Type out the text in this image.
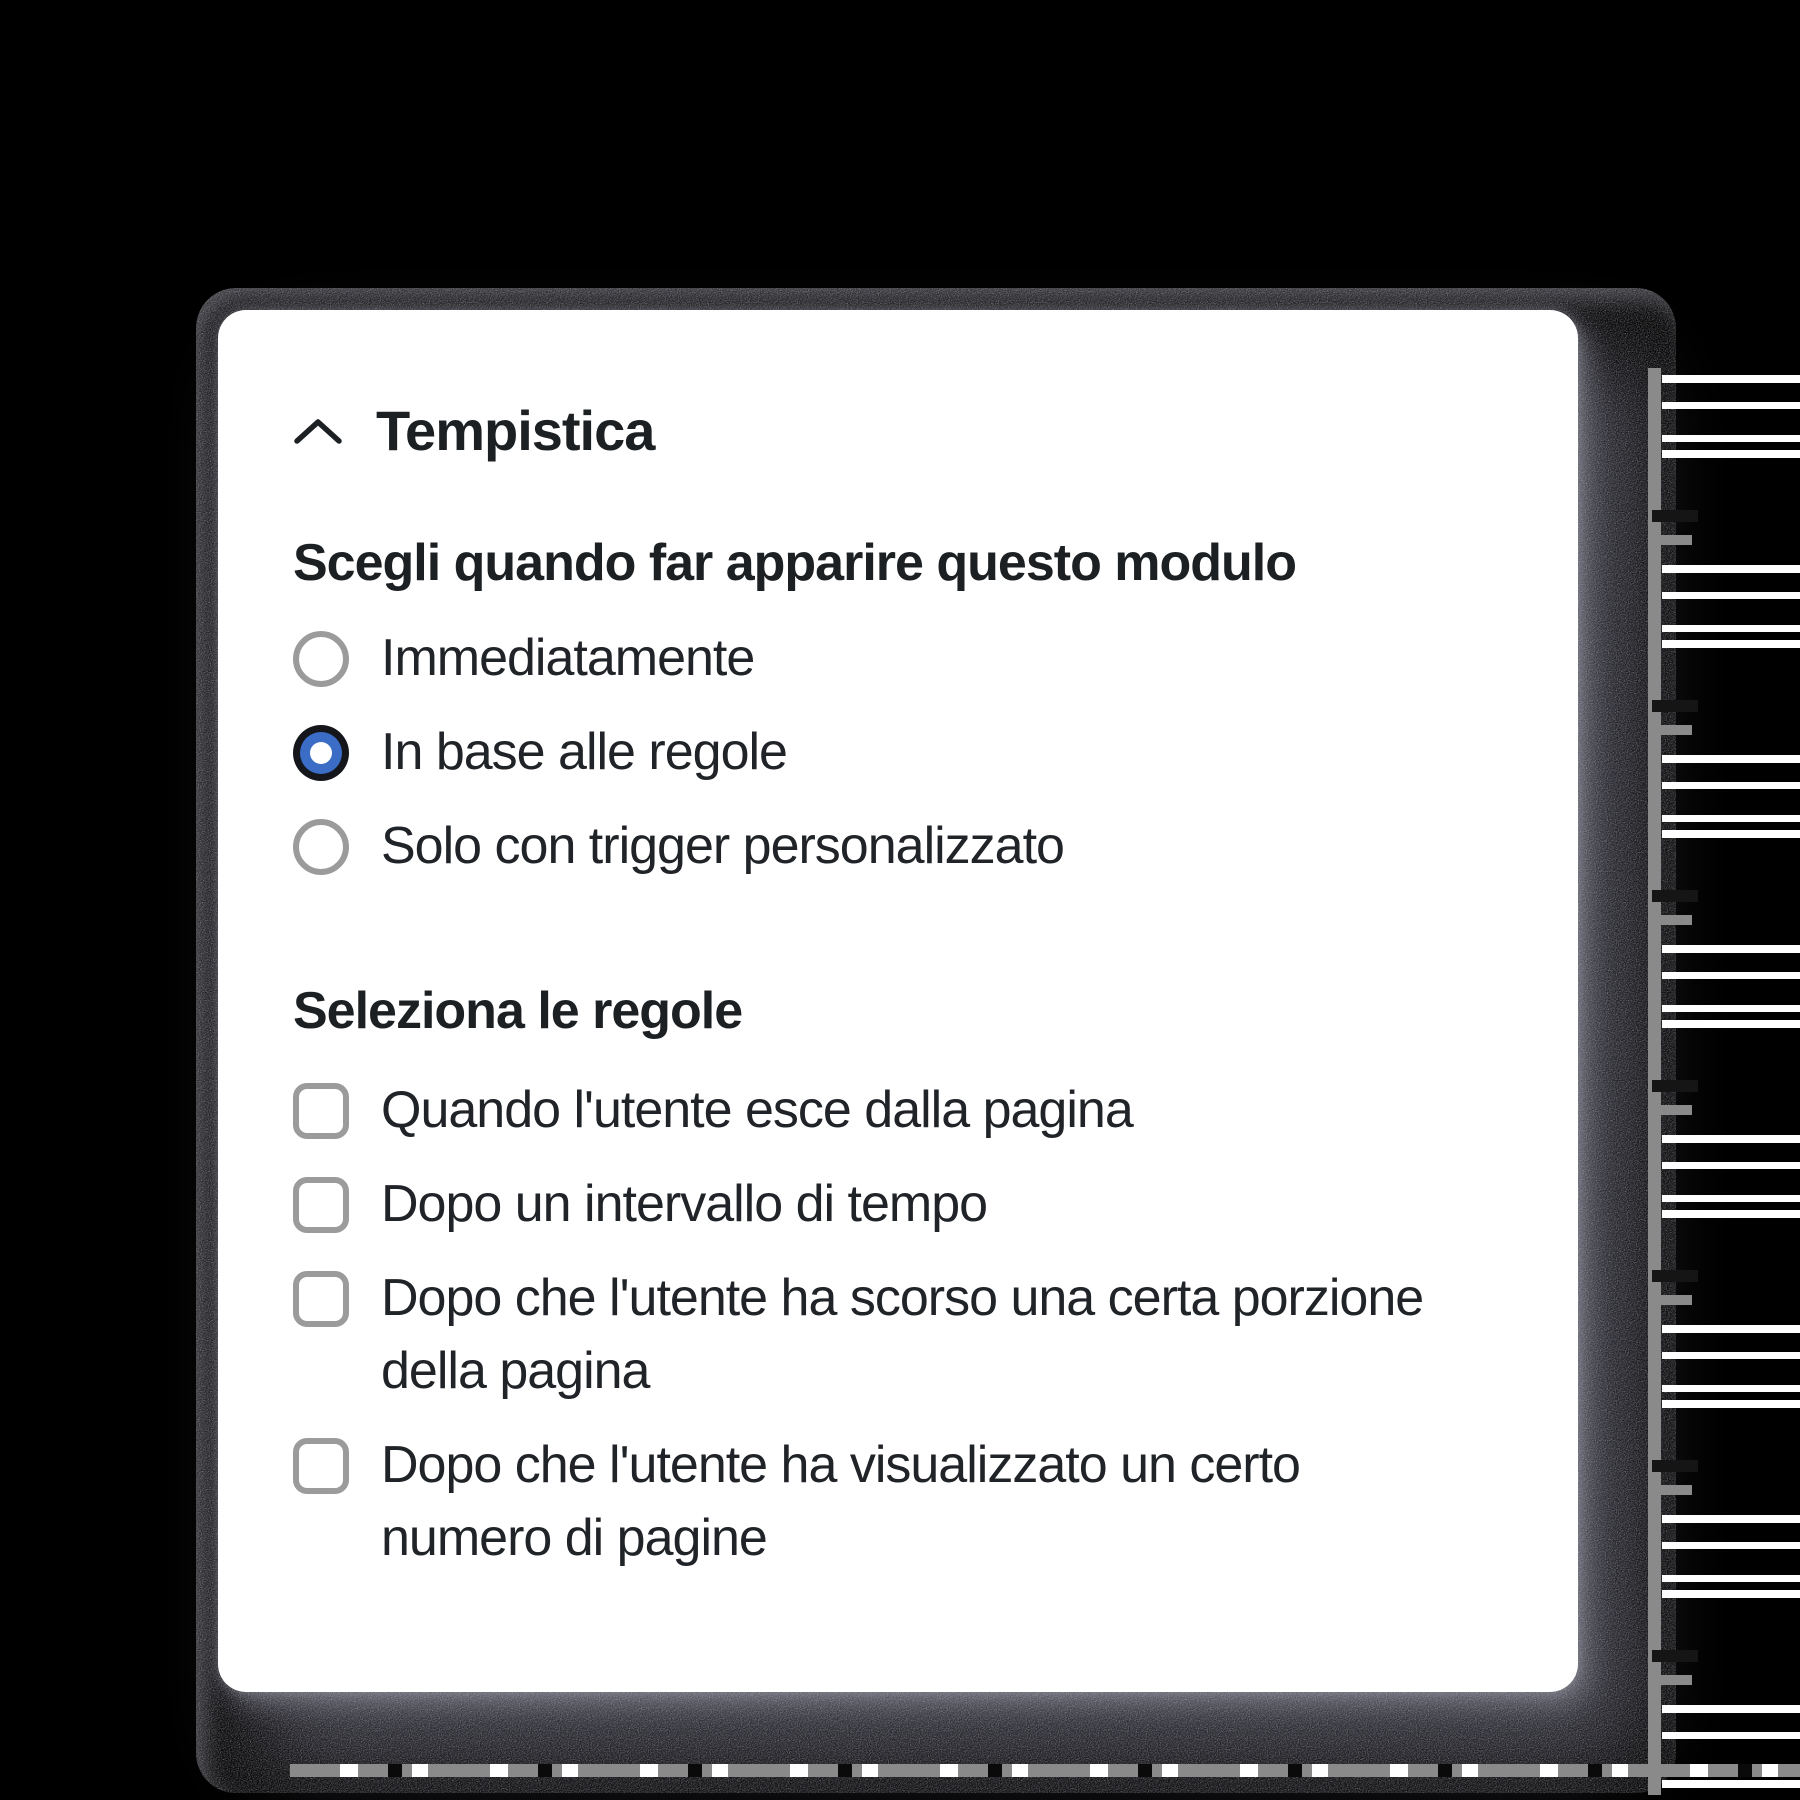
Tempistica
Scegli quando far apparire questo modulo
Immediatamente
In base alle regole
Solo con trigger personalizzato
Seleziona le regole
Quando l'utente esce dalla pagina
Dopo un intervallo di tempo
Dopo che l'utente ha scorso una certa porzione
della pagina
Dopo che l'utente ha visualizzato un certo
numero di pagine
